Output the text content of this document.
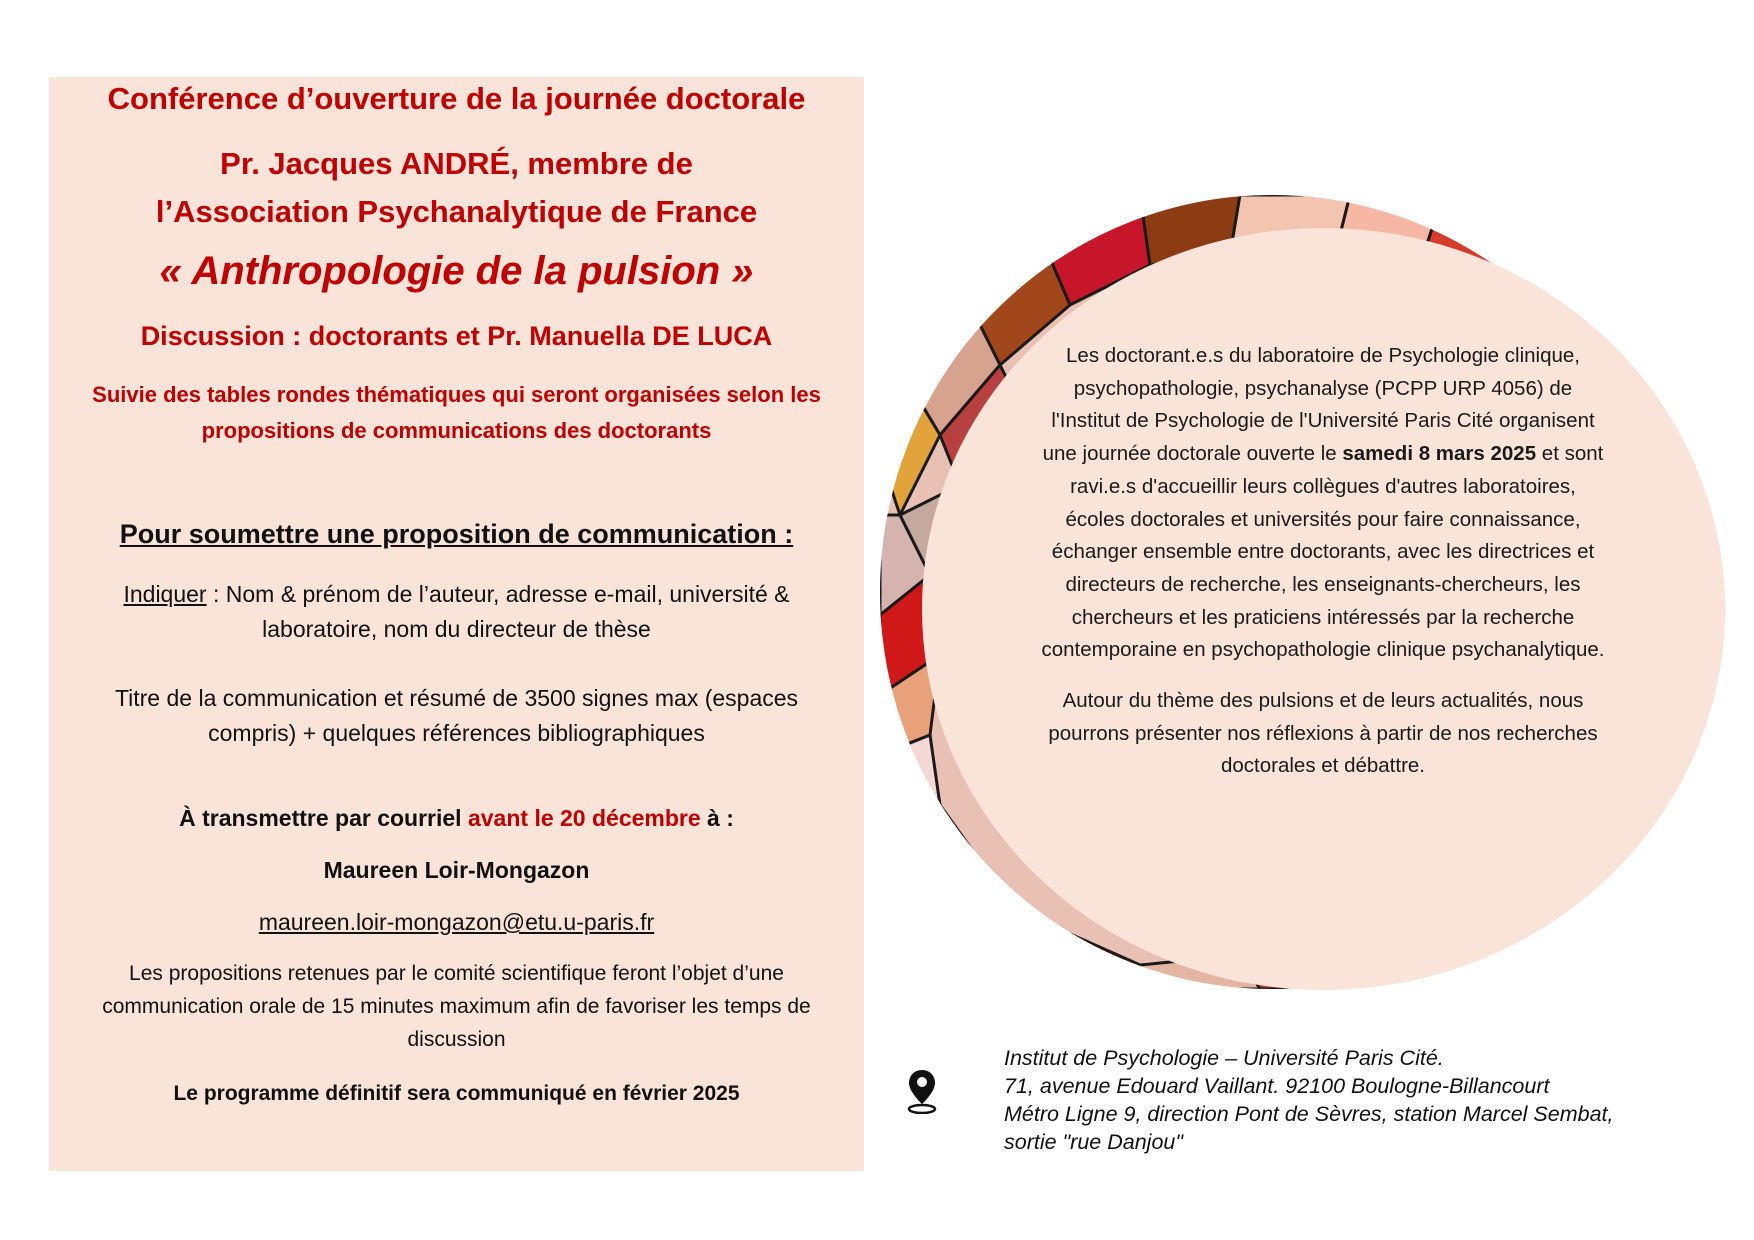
Conférence d’ouverture de la journée doctorale
Pr. Jacques ANDRÉ, membre de l’Association Psychanalytique de France
« Anthropologie de la pulsion »
Discussion : doctorants et Pr. Manuella DE LUCA
Suivie des tables rondes thématiques qui seront organisées selon les propositions de communications des doctorants
Pour soumettre une proposition de communication :
Indiquer : Nom & prénom de l’auteur, adresse e-mail, université & laboratoire, nom du directeur de thèse
Titre de la communication et résumé de 3500 signes max (espaces compris) + quelques références bibliographiques
À transmettre par courriel avant le 20 décembre à :
Maureen Loir-Mongazon
maureen.loir-mongazon@etu.u-paris.fr
Les propositions retenues par le comité scientifique feront l’objet d’une communication orale de 15 minutes maximum afin de favoriser les temps de discussion
Le programme définitif sera communiqué en février 2025

Les doctorant.e.s du laboratoire de Psychologie clinique, psychopathologie, psychanalyse (PCPP URP 4056) de l'Institut de Psychologie de l'Université Paris Cité organisent une journée doctorale ouverte le samedi 8 mars 2025 et sont ravi.e.s d'accueillir leurs collègues d'autres laboratoires, écoles doctorales et universités pour faire connaissance, échanger ensemble entre doctorants, avec les directrices et directeurs de recherche, les enseignants-chercheurs, les chercheurs et les praticiens intéressés par la recherche contemporaine en psychopathologie clinique psychanalytique.

Autour du thème des pulsions et de leurs actualités, nous pourrons présenter nos réflexions à partir de nos recherches doctorales et débattre.

Institut de Psychologie – Université Paris Cité.
71, avenue Edouard Vaillant. 92100 Boulogne-Billancourt
Métro Ligne 9, direction Pont de Sèvres, station Marcel Sembat,
sortie "rue Danjou"
